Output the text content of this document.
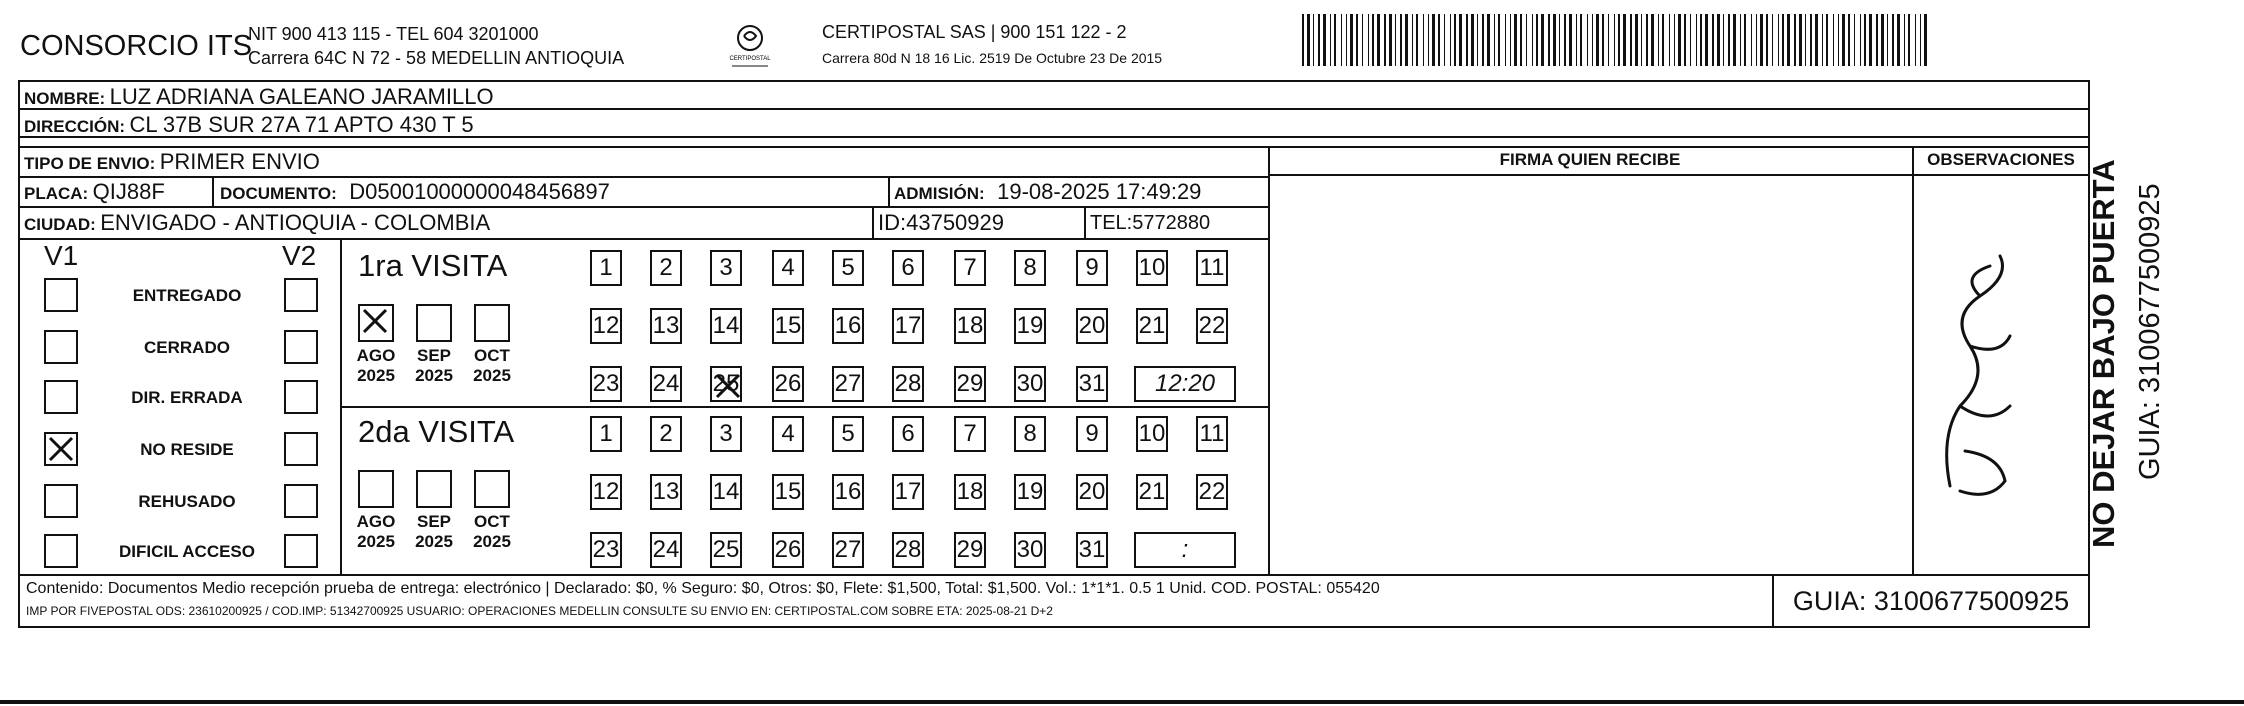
CONSORCIO ITS
NIT 900 413 115 - TEL 604 3201000
Carrera 64C N 72 - 58 MEDELLIN ANTIOQUIA	CERTIPOSTAL
CERTIPOSTAL SAS | 900 151 122 - 2
Carrera 80d N 18 16 Lic. 2519 De Octubre 23 De 2015
FIRMA QUIEN RECIBE	OBSERVACIONES
NOMBRE: LUZ ADRIANA GALEANO JARAMILLO
DIRECCIÓN: CL 37B SUR 27A 71 APTO 430 T 5
TIPO DE ENVIO: PRIMER ENVIO
PLACA: QIJ88F	DOCUMENTO: D05001000000048456897	ADMISIÓN: 19-08-2025 17:49:29
CIUDAD: ENVIGADO - ANTIOQUIA - COLOMBIA	ID:43750929	TEL:5772880
V1	V2
ENTREGADO
CERRADO
DIR. ERRADA
NO RESIDE
REHUSADO
DIFICIL ACCESO
1ra VISITA
2da VISITA
AGO
2025
SEP
2025
OCT
2025
1 2 3 4 5 6 7 8 9 10 11
12 13 14 15 16 17 18 19 20 21 22
23 24 25 26 27 28 29 30 31 12:20
AGO
2025
SEP
2025
OCT
2025
1 2 3 4 5 6 7 8 9 10 11
12 13 14 15 16 17 18 19 20 21 22
23 24 25 26 27 28 29 30 31	:
NO DEJAR BAJO PUERTA GUIA: 3100677500925
Contenido: Documentos Medio recepción prueba de entrega: electrónico | Declarado: $0, % Seguro: $0, Otros: $0, Flete: $1,500, Total: $1,500. Vol.: 1*1*1. 0.5 1 Unid. COD. POSTAL: 055420
IMP POR FIVEPOSTAL ODS: 23610200925 / COD.IMP: 51342700925 USUARIO: OPERACIONES MEDELLIN CONSULTE SU ENVIO EN: CERTIPOSTAL.COM SOBRE ETA: 2025-08-21 D+2	GUIA: 3100677500925
